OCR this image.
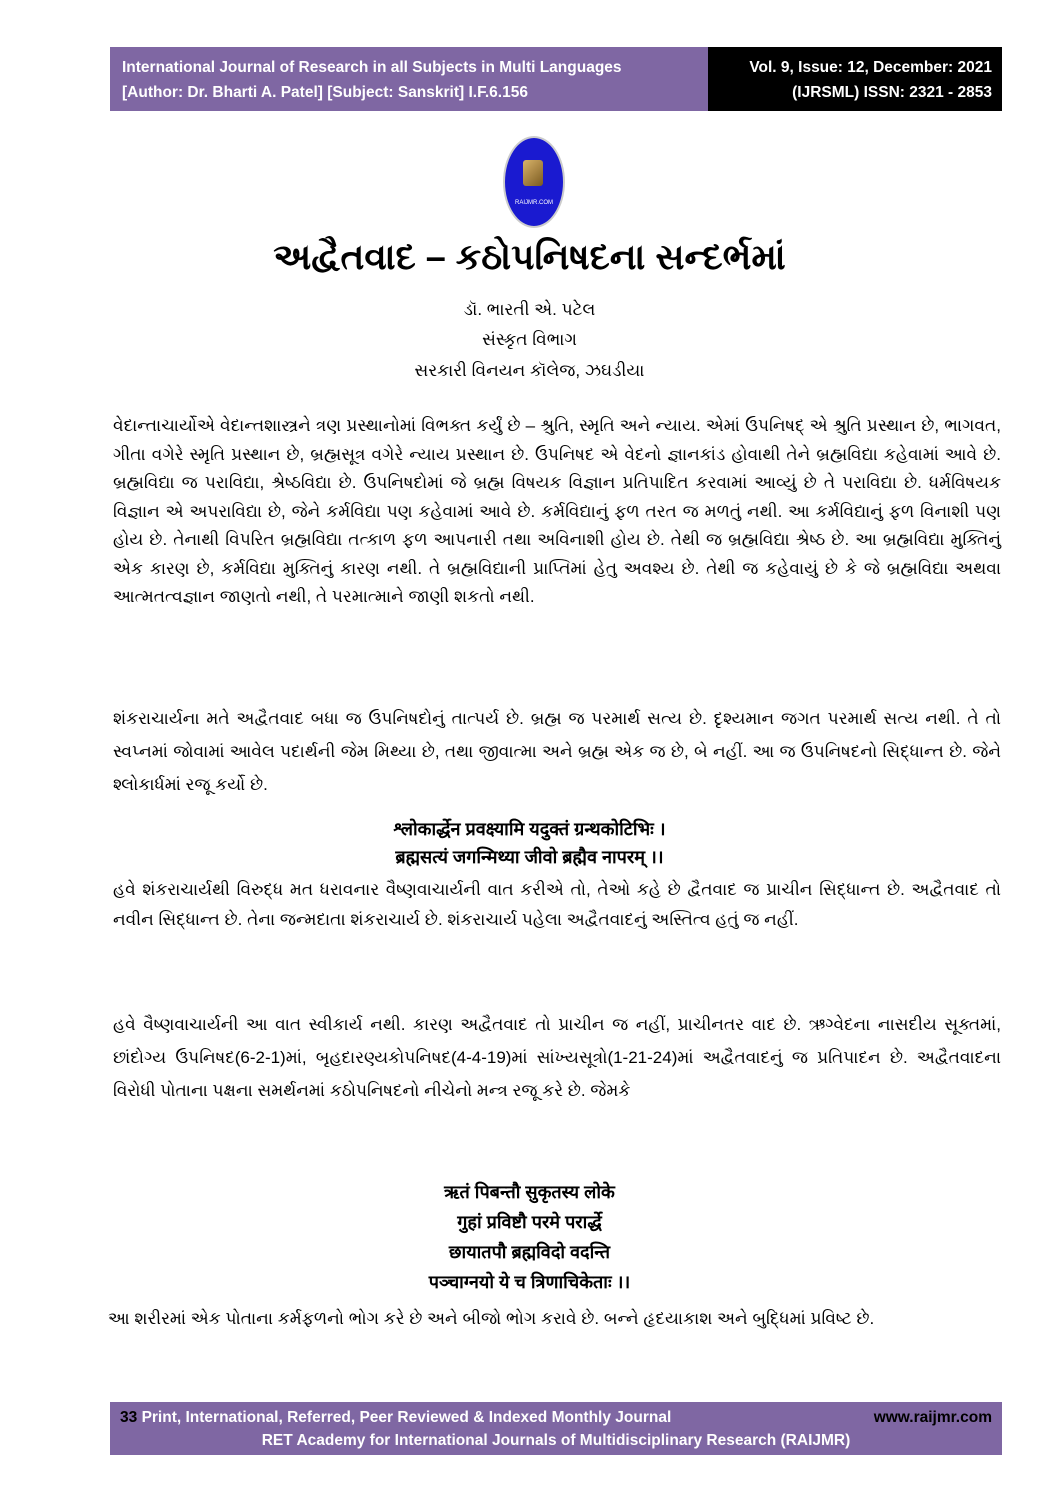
International Journal of Research in all Subjects in Multi Languages
[Author: Dr. Bharti A. Patel] [Subject: Sanskrit] I.F.6.156
Vol. 9, Issue: 12, December: 2021
(IJRSML) ISSN: 2321 - 2853
RAIJMR.COM
અદ્વૈતવાદ – કઠોપનિષદના સન્દર્ભમાં
ડૉ. ભારતી એ. પટેલ
સંસ્કૃત વિભાગ
સરકારી વિનયન કૉલેજ, ઝઘડીયા
વેદાન્તાચાર્યોએ વેદાન્તશાસ્ત્રને ત્રણ પ્રસ્થાનોમાં વિભક્ત કર્યું છે – શ્રુતિ, સ્મૃતિ અને ન્યાય. એમાં ઉપનિષદ્ એ શ્રુતિ પ્રસ્થાન છે, ભાગવત, ગીતા વગેરે સ્મૃતિ પ્રસ્થાન છે, બ્રહ્મસૂત્ર વગેરે ન્યાય પ્રસ્થાન છે. ઉપનિષદ એ વેદનો જ્ઞાનકાંડ હોવાથી તેને બ્રહ્મવિદ્યા કહેવામાં આવે છે. બ્રહ્મવિદ્યા જ પરાવિદ્યા, શ્રેષ્ઠવિદ્યા છે. ઉપનિષદોમાં જે બ્રહ્મ વિષયક વિજ્ઞાન પ્રતિપાદિત કરવામાં આવ્યું છે તે પરાવિદ્યા છે. ધર્મવિષયક વિજ્ઞાન એ અપરાવિદ્યા છે, જેને કર્મવિદ્યા પણ કહેવામાં આવે છે. કર્મવિદ્યાનું ફળ તરત જ મળતું નથી. આ કર્મવિદ્યાનું ફળ વિનાશી પણ હોય છે. તેનાથી વિપરિત બ્રહ્મવિદ્યા તત્કાળ ફળ આપનારી તથા અવિનાશી હોય છે. તેથી જ બ્રહ્મવિદ્યા શ્રેષ્ઠ છે. આ બ્રહ્મવિદ્યા મુક્તિનું એક કારણ છે, કર્મવિદ્યા મુક્તિનું કારણ નથી. તે બ્રહ્મવિદ્યાની પ્રાપ્તિમાં હેતુ અવશ્ય છે. તેથી જ કહેવાયું છે કે જે બ્રહ્મવિદ્યા અથવા આત્મતત્વજ્ઞાન જાણતો નથી, તે પરમાત્માને જાણી શકતો નથી.
શંકરાચાર્યના મતે અદ્વૈતવાદ બધા જ ઉપનિષદોનું તાત્પર્ય છે. બ્રહ્મ જ પરમાર્થ સત્ય છે. દૃશ્યમાન જગત પરમાર્થ સત્ય નથી. તે તો સ્વપ્નમાં જોવામાં આવેલ પદાર્થની જેમ મિથ્યા છે, તથા જીવાત્મા અને બ્રહ્મ એક જ છે, બે નહીં. આ જ ઉપનિષદનો સિદ્ધાન્ત છે. જેને શ્લોકાર્ધમાં રજૂ કર્યો છે.
श्लोकार्द्धेन प्रवक्ष्यामि यदुक्तं ग्रन्थकोटिभिः ।
ब्रह्मसत्यं जगन्मिथ्या जीवो ब्रह्मैव नापरम् ।।
હવે શંકરાચાર્યથી વિરુદ્ધ મત ધરાવનાર વૈષ્ણવાચાર્યની વાત કરીએ તો, તેઓ કહે છે દ્વૈતવાદ જ પ્રાચીન સિદ્ધાન્ત છે. અદ્વૈતવાદ તો નવીન સિદ્ધાન્ત છે. તેના જન્મદાતા શંકરાચાર્ય છે. શંકરાચાર્ય પહેલા અદ્વૈતવાદનું અસ્તિત્વ હતું જ નહીં.
હવે વૈષ્ણવાચાર્યની આ વાત સ્વીકાર્ય નથી. કારણ અદ્વૈતવાદ તો પ્રાચીન જ નહીં, પ્રાચીનતર વાદ છે. ઋગ્વેદના નાસદીય સૂક્તમાં, છાંદોગ્ય ઉપનિષદ(6-2-1)માં, બૃહદારણ્યકોપનિષદ(4-4-19)માં સાંખ્યસૂત્રો(1-21-24)માં અદ્વૈતવાદનું જ પ્રતિપાદન છે. અદ્વૈતવાદના વિરોધી પોતાના પક્ષના સમર્થનમાં કઠોપનિષદનો નીચેનો મન્ત્ર રજૂ કરે છે. જેમકે
ऋतं पिबन्तौ सुकृतस्य लोके
गुहां प्रविष्टौ परमे परार्द्धे
छायातपौ ब्रह्मविदो वदन्ति
पञ्चाग्नयो ये च त्रिणाचिकेताः ।।
આ શરીરમાં એક પોતાના કર્મફળનો ભોગ કરે છે અને બીજો ભોગ કરાવે છે. બન્ને હૃદયાકાશ અને બુદ્ધિમાં પ્રવિષ્ટ છે.
33 Print, International, Referred, Peer Reviewed & Indexed Monthly Journal	www.raijmr.com
RET Academy for International Journals of Multidisciplinary Research (RAIJMR)
